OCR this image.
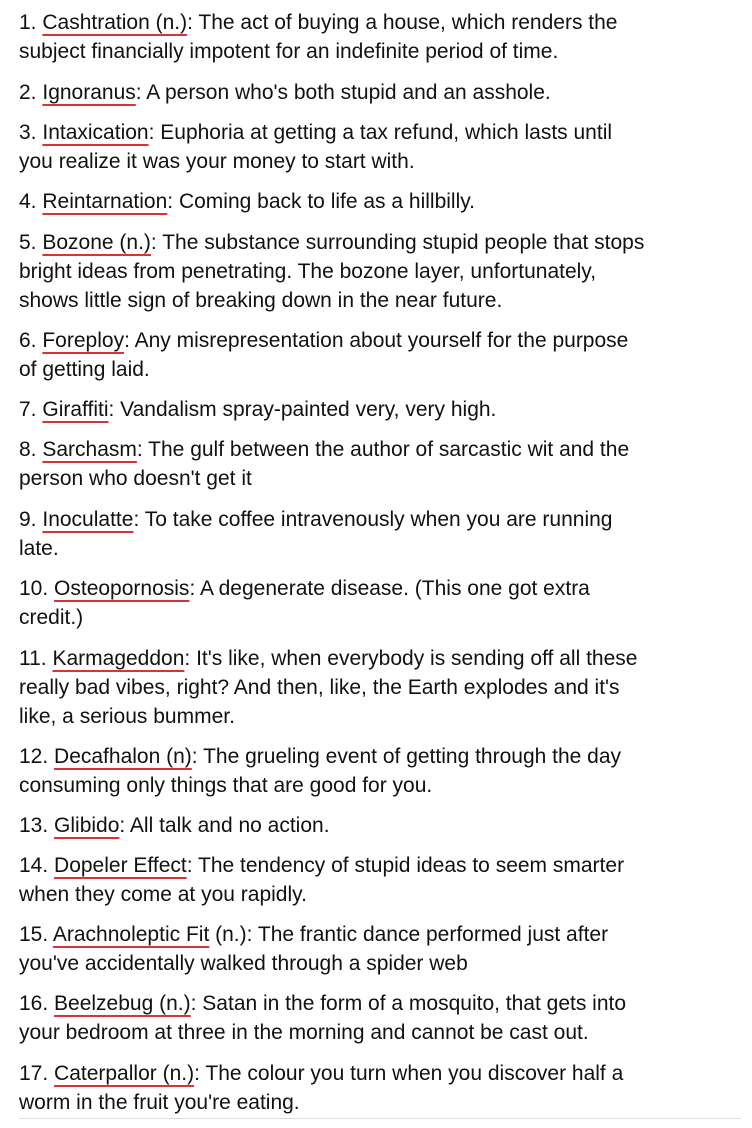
1. Cashtration (n.): The act of buying a house, which renders the
subject financially impotent for an indefinite period of time.
2. Ignoranus: A person who's both stupid and an asshole.
3. Intaxication: Euphoria at getting a tax refund, which lasts until
you realize it was your money to start with.
4. Reintarnation: Coming back to life as a hillbilly.
5. Bozone (n.): The substance surrounding stupid people that stops
bright ideas from penetrating. The bozone layer, unfortunately,
shows little sign of breaking down in the near future.
6. Foreploy: Any misrepresentation about yourself for the purpose
of getting laid.
7. Giraffiti: Vandalism spray-painted very, very high.
8. Sarchasm: The gulf between the author of sarcastic wit and the
person who doesn't get it
9. Inoculatte: To take coffee intravenously when you are running
late.
10. Osteopornosis: A degenerate disease. (This one got extra
credit.)
11. Karmageddon: It's like, when everybody is sending off all these
really bad vibes, right? And then, like, the Earth explodes and it's
like, a serious bummer.
12. Decafhalon (n): The grueling event of getting through the day
consuming only things that are good for you.
13. Glibido: All talk and no action.
14. Dopeler Effect: The tendency of stupid ideas to seem smarter
when they come at you rapidly.
15. Arachnoleptic Fit (n.): The frantic dance performed just after
you've accidentally walked through a spider web
16. Beelzebug (n.): Satan in the form of a mosquito, that gets into
your bedroom at three in the morning and cannot be cast out.
17. Caterpallor (n.): The colour you turn when you discover half a
worm in the fruit you're eating.
